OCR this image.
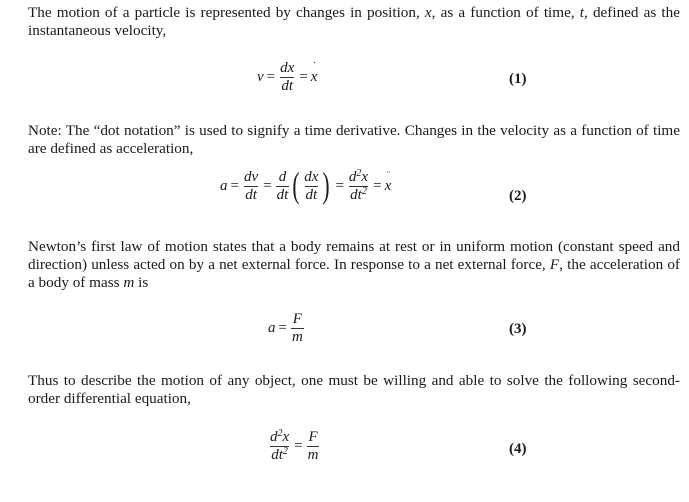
The motion of a particle is represented by changes in position, x, as a function of time, t, defined as the instantaneous velocity,
$v = \frac{dx}{dt}$ = ˙ x	(1)
Note: The “dot notation” is used to signify a time derivative. Changes in the velocity as a function of time are defined as acceleration,
$a = \frac{dv}{dt} = \frac{d}{dt}$ ( $\frac{dx}{dt}$ ) = $\frac{d^2x}{dt^2}$ = ¨ x
(2)
Newton’s first law of motion states that a body remains at rest or in uniform motion (constant speed and direction) unless acted on by a net external force. In response to a net external force, F, the acceleration of a body of mass m is
$a = \frac{F}{m}$	(3)
Thus to describe the motion of any object, one must be willing and able to solve the following second-order differential equation,
$\frac{d^2x}{dt^2} = \frac{F}{m}$	(4)
